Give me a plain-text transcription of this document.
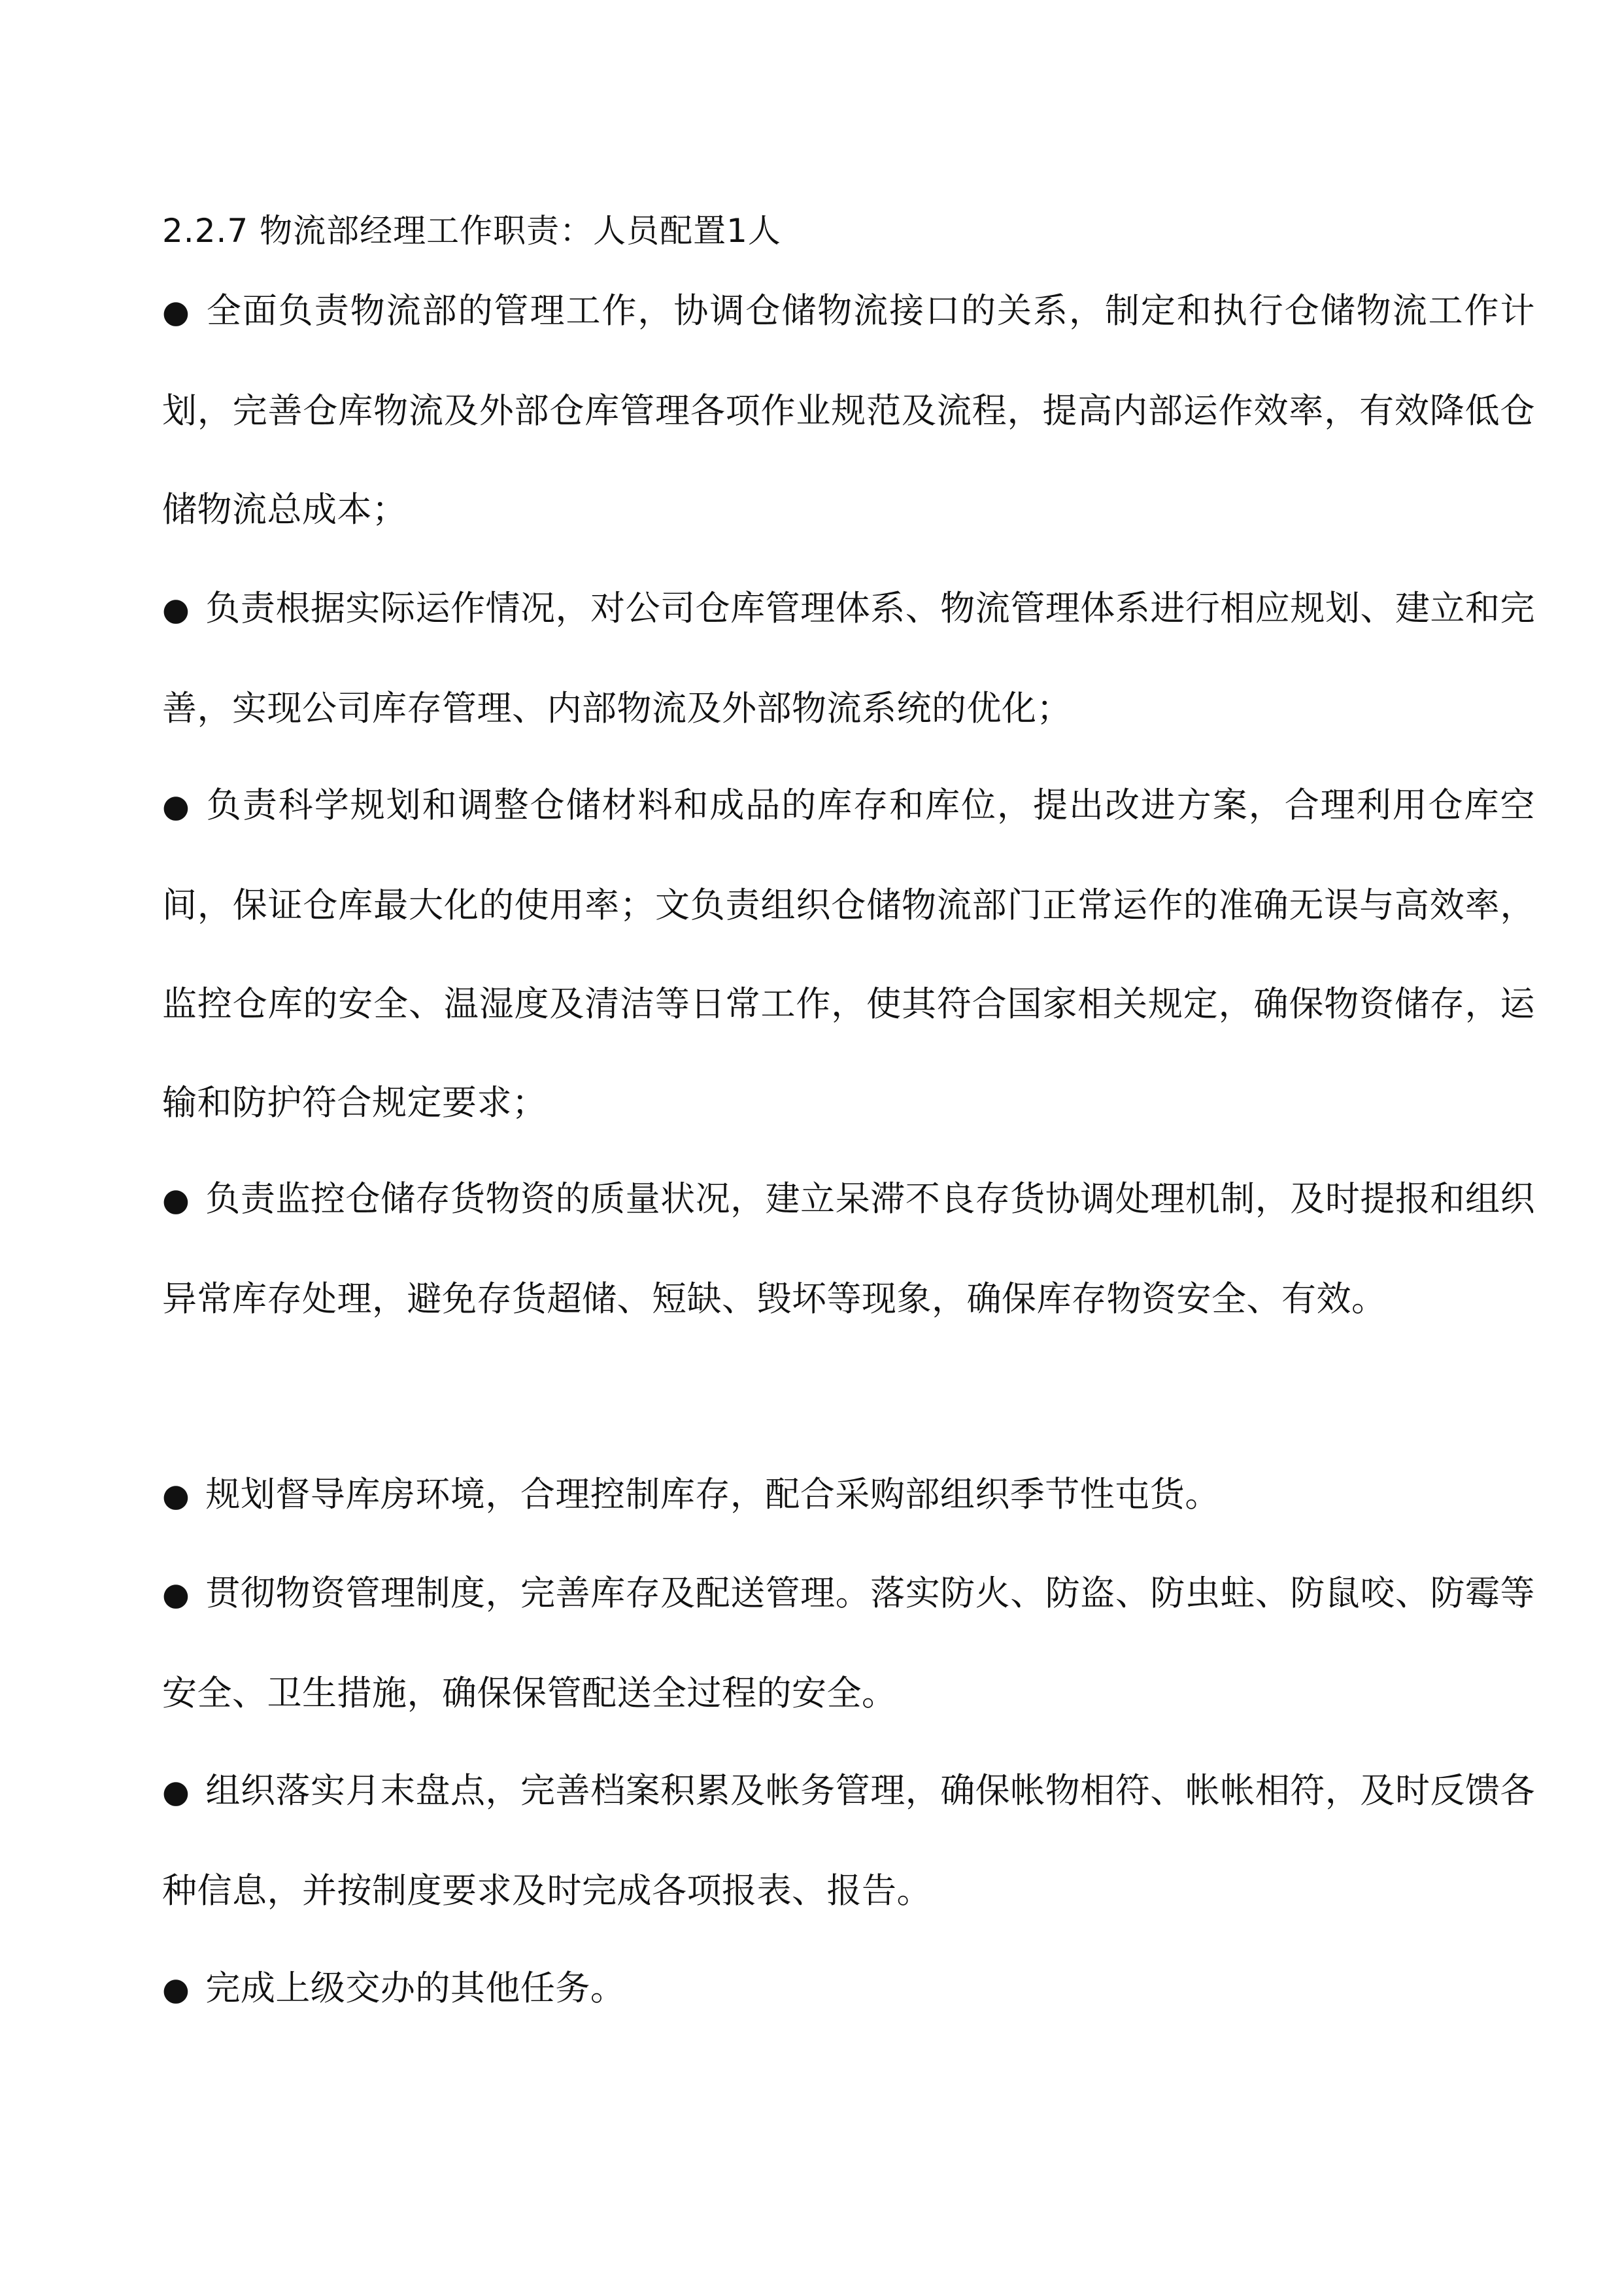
2.2.7 物流部经理工作职责：人员配置1人
● 全面负责物流部的管理工作，协调仓储物流接口的关系，制定和执行仓储物流工作计划，完善仓库物流及外部仓库管理各项作业规范及流程，提高内部运作效率，有效降低仓储物流总成本；
● 负责根据实际运作情况，对公司仓库管理体系、物流管理体系进行相应规划、建立和完善，实现公司库存管理、内部物流及外部物流系统的优化；
● 负责科学规划和调整仓储材料和成品的库存和库位，提出改进方案，合理利用仓库空间，保证仓库最大化的使用率；文负责组织仓储物流部门正常运作的准确无误与高效率，监控仓库的安全、温湿度及清洁等日常工作，使其符合国家相关规定，确保物资储存，运输和防护符合规定要求；
● 负责监控仓储存货物资的质量状况，建立呆滞不良存货协调处理机制，及时提报和组织异常库存处理，避免存货超储、短缺、毁坏等现象，确保库存物资安全、有效。
● 规划督导库房环境，合理控制库存，配合采购部组织季节性屯货。
● 贯彻物资管理制度，完善库存及配送管理。落实防火、防盗、防虫蛀、防鼠咬、防霉等安全、卫生措施，确保保管配送全过程的安全。
● 组织落实月末盘点，完善档案积累及帐务管理，确保帐物相符、帐帐相符，及时反馈各种信息，并按制度要求及时完成各项报表、报告。
● 完成上级交办的其他任务。
